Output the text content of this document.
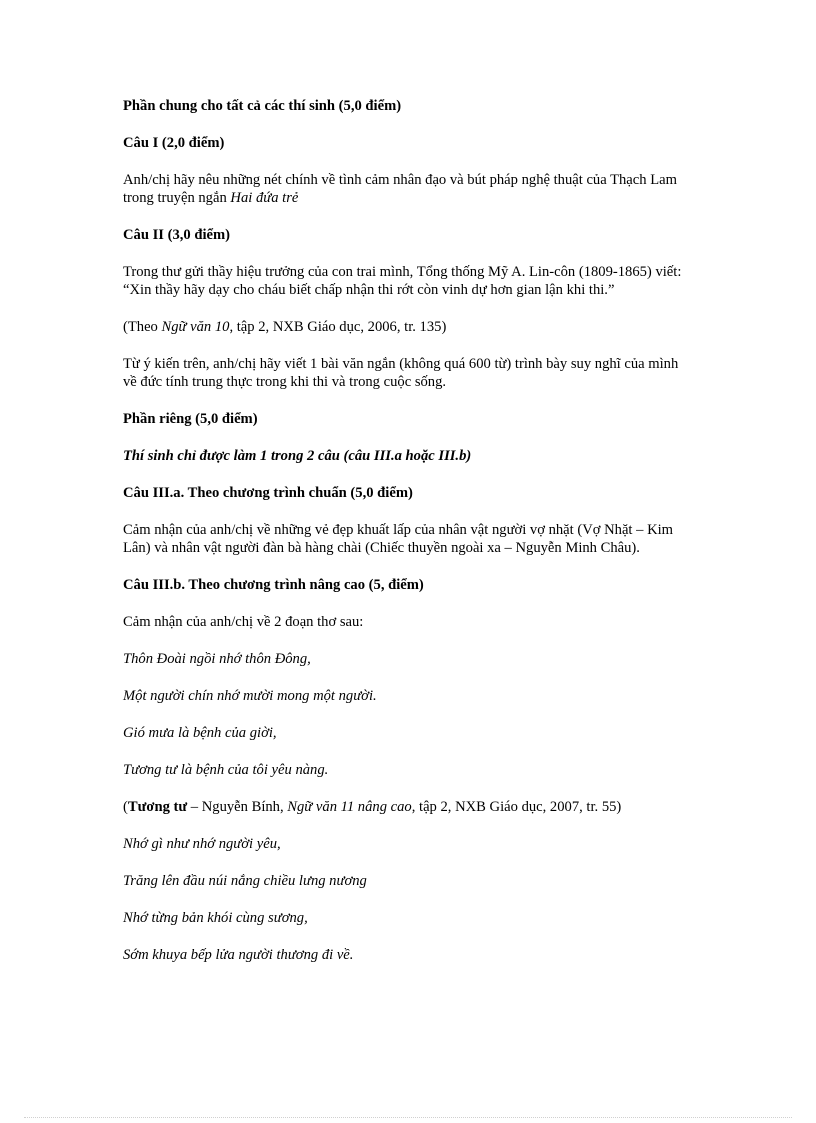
Phần chung cho tất cả các thí sinh (5,0 điểm)

Câu I (2,0 điểm)

Anh/chị hãy nêu những nét chính về tình cảm nhân đạo và bút pháp nghệ thuật của Thạch Lam trong truyện ngắn Hai đứa trẻ

Câu II (3,0 điểm)

Trong thư gửi thầy hiệu trưởng của con trai mình, Tổng thống Mỹ A. Lin-côn (1809-1865) viết: “Xin thầy hãy dạy cho cháu biết chấp nhận thi rớt còn vinh dự hơn gian lận khi thi.”

(Theo Ngữ văn 10, tập 2, NXB Giáo dục, 2006, tr. 135)

Từ ý kiến trên, anh/chị hãy viết 1 bài văn ngắn (không quá 600 từ) trình bày suy nghĩ của mình về đức tính trung thực trong khi thi và trong cuộc sống.

Phần riêng (5,0 điểm)

Thí sinh chỉ được làm 1 trong 2 câu (câu III.a hoặc III.b)

Câu III.a. Theo chương trình chuẩn (5,0 điểm)

Cảm nhận của anh/chị về những vẻ đẹp khuất lấp của nhân vật người vợ nhặt (Vợ Nhặt – Kim Lân) và nhân vật người đàn bà hàng chài (Chiếc thuyền ngoài xa – Nguyễn Minh Châu).

Câu III.b. Theo chương trình nâng cao (5, điểm)

Cảm nhận của anh/chị về 2 đoạn thơ sau:

Thôn Đoài ngồi nhớ thôn Đông,

Một người chín nhớ mười mong một người.

Gió mưa là bệnh của giời,

Tương tư là bệnh của tôi yêu nàng.

(Tương tư – Nguyễn Bính, Ngữ văn 11 nâng cao, tập 2, NXB Giáo dục, 2007, tr. 55)

Nhớ gì như nhớ người yêu,

Trăng lên đầu núi nắng chiều lưng nương

Nhớ từng bản khói cùng sương,

Sớm khuya bếp lửa người thương đi về.
